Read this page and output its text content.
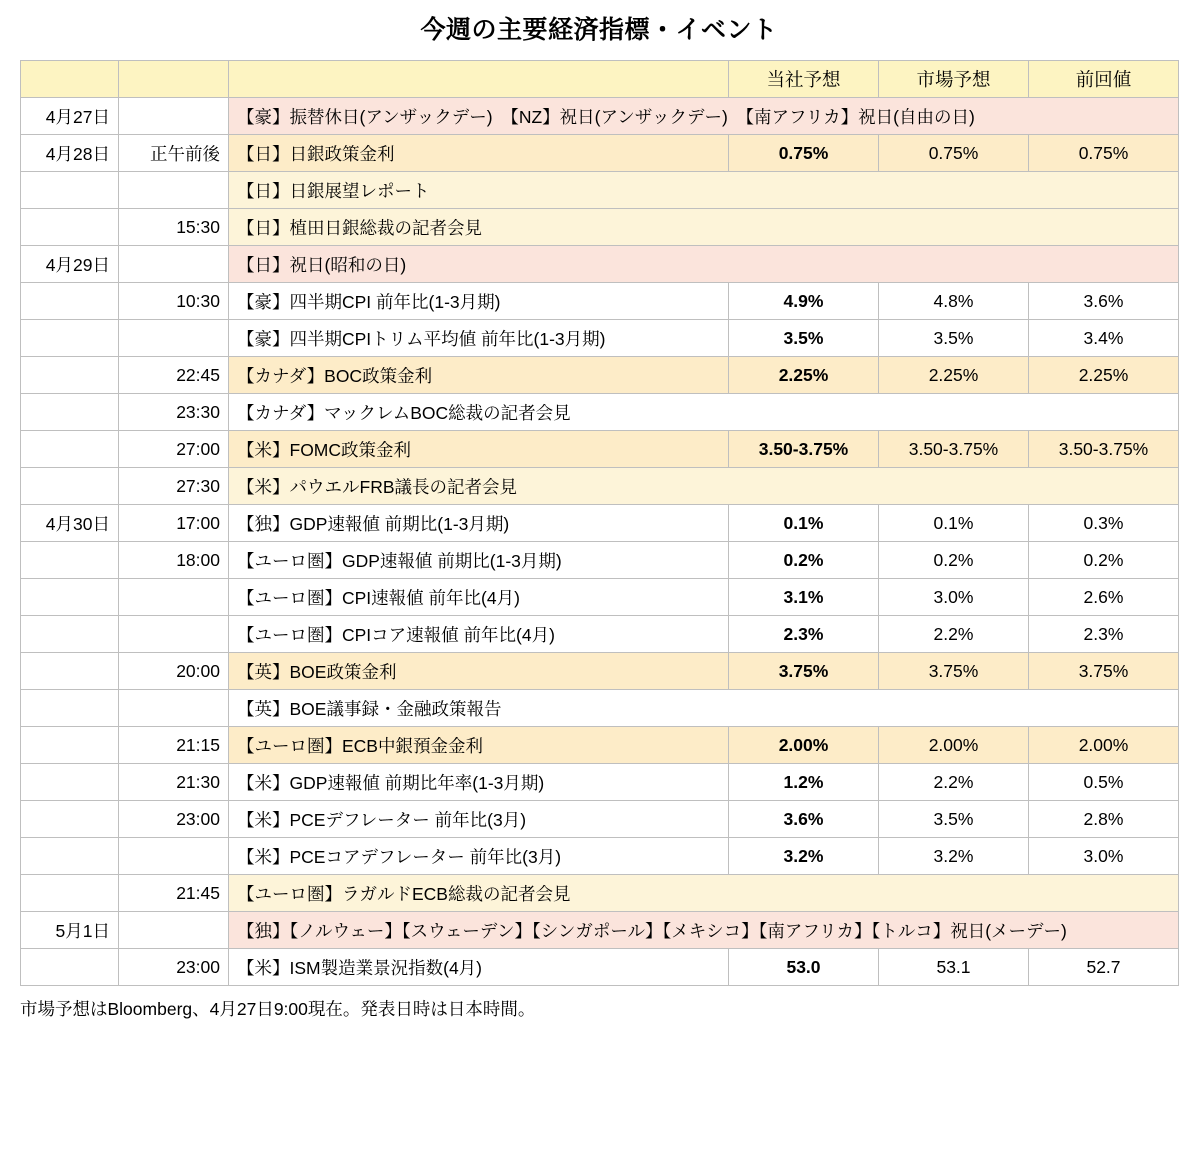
今週の主要経済指標・イベント
			当社予想	市場予想	前回値
4月27日		【豪】振替休日(アンザックデー)　【NZ】祝日(アンザックデー)　【南アフリカ】祝日(自由の日)			
4月28日	正午前後	【日】日銀政策金利	0.75%	0.75%	0.75%
		【日】日銀展望レポート			
	15:30	【日】植田日銀総裁の記者会見			
4月29日		【日】祝日(昭和の日)			
	10:30	【豪】四半期CPI 前年比(1-3月期)	4.9%	4.8%	3.6%
		【豪】四半期CPIトリム平均値 前年比(1-3月期)	3.5%	3.5%	3.4%
	22:45	【カナダ】BOC政策金利	2.25%	2.25%	2.25%
	23:30	【カナダ】マックレムBOC総裁の記者会見			
	27:00	【米】FOMC政策金利	3.50-3.75%	3.50-3.75%	3.50-3.75%
	27:30	【米】パウエルFRB議長の記者会見			
4月30日	17:00	【独】GDP速報値 前期比(1-3月期)	0.1%	0.1%	0.3%
	18:00	【ユーロ圏】GDP速報値 前期比(1-3月期)	0.2%	0.2%	0.2%
		【ユーロ圏】CPI速報値 前年比(4月)	3.1%	3.0%	2.6%
		【ユーロ圏】CPIコア速報値 前年比(4月)	2.3%	2.2%	2.3%
	20:00	【英】BOE政策金利	3.75%	3.75%	3.75%
		【英】BOE議事録・金融政策報告			
	21:15	【ユーロ圏】ECB中銀預金金利	2.00%	2.00%	2.00%
	21:30	【米】GDP速報値 前期比年率(1-3月期)	1.2%	2.2%	0.5%
	23:00	【米】PCEデフレーター 前年比(3月)	3.6%	3.5%	2.8%
		【米】PCEコアデフレーター 前年比(3月)	3.2%	3.2%	3.0%
	21:45	【ユーロ圏】ラガルドECB総裁の記者会見			
5月1日		【独】【ノルウェー】【スウェーデン】【シンガポール】【メキシコ】【南アフリカ】【トルコ】祝日(メーデー)			
	23:00	【米】ISM製造業景況指数(4月)	53.0	53.1	52.7
市場予想はBloomberg、4月27日9:00現在。発表日時は日本時間。
